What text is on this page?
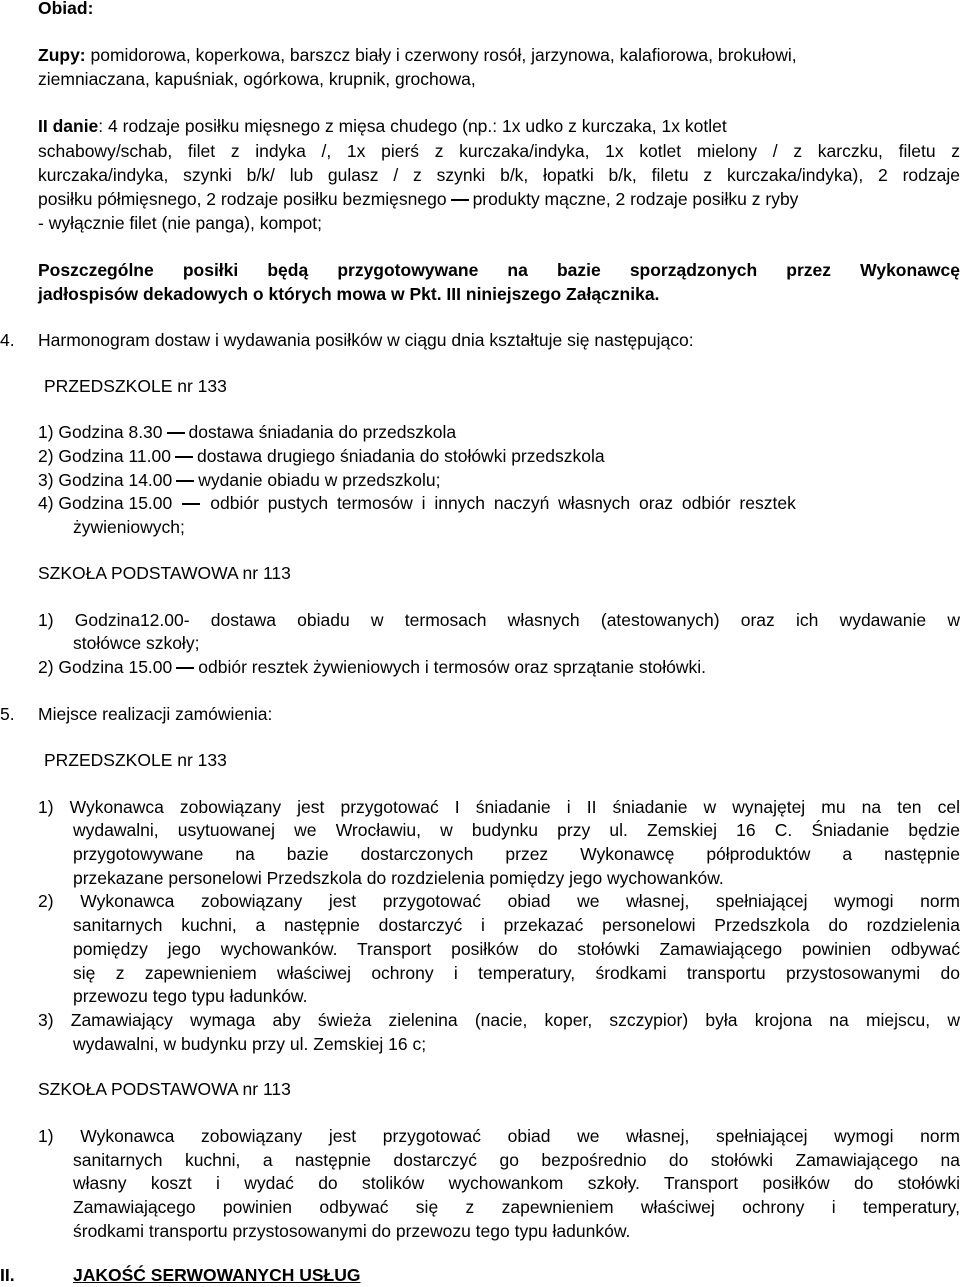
Obiad:
Zupy: pomidorowa, koperkowa, barszcz biały i czerwony rosół, jarzynowa, kalafiorowa, brokułowi,
ziemniaczana, kapuśniak, ogórkowa, krupnik, grochowa,
II danie: 4 rodzaje posiłku mięsnego z mięsa chudego (np.: 1x udko z kurczaka, 1x kotlet
schabowy/schab, filet z indyka /, 1x pierś z kurczaka/indyka, 1x kotlet mielony / z karczku, filetu z
kurczaka/indyka, szynki b/k/ lub gulasz / z szynki b/k, łopatki b/k, filetu z kurczaka/indyka), 2 rodzaje
posiłku półmięsnego, 2 rodzaje posiłku bezmięsnego produkty mączne, 2 rodzaje posiłku z ryby
- wyłącznie filet (nie panga), kompot;
Poszczególne posiłki będą przygotowywane na bazie sporządzonych przez Wykonawcę
jadłospisów dekadowych o których mowa w Pkt. III niniejszego Załącznika.
4. Harmonogram dostaw i wydawania posiłków w ciągu dnia kształtuje się następująco:
PRZEDSZKOLE nr 133
1) Godzina 8.30 dostawa śniadania do przedszkola
2) Godzina 11.00 dostawa drugiego śniadania do stołówki przedszkola
3) Godzina 14.00 wydanie obiadu w przedszkolu;
4) Godzina 15.00 odbiór pustych termosów i innych naczyń własnych oraz odbiór resztek
żywieniowych;
SZKOŁA PODSTAWOWA nr 113
1) Godzina12.00- dostawa obiadu w termosach własnych (atestowanych) oraz ich wydawanie w
stołówce szkoły;
2) Godzina 15.00 odbiór resztek żywieniowych i termosów oraz sprzątanie stołówki.
5. Miejsce realizacji zamówienia:
PRZEDSZKOLE nr 133
1) Wykonawca zobowiązany jest przygotować I śniadanie i II śniadanie w wynajętej mu na ten cel
wydawalni, usytuowanej we Wrocławiu, w budynku przy ul. Zemskiej 16 C. Śniadanie będzie
przygotowywane na bazie dostarczonych przez Wykonawcę półproduktów a następnie
przekazane personelowi Przedszkola do rozdzielenia pomiędzy jego wychowanków.
2) Wykonawca zobowiązany jest przygotować obiad we własnej, spełniającej wymogi norm
sanitarnych kuchni, a następnie dostarczyć i przekazać personelowi Przedszkola do rozdzielenia
pomiędzy jego wychowanków. Transport posiłków do stołówki Zamawiającego powinien odbywać
się z zapewnieniem właściwej ochrony i temperatury, środkami transportu przystosowanymi do
przewozu tego typu ładunków.
3) Zamawiający wymaga aby świeża zielenina (nacie, koper, szczypior) była krojona na miejscu, w
wydawalni, w budynku przy ul. Zemskiej 16 c;
SZKOŁA PODSTAWOWA nr 113
1) Wykonawca zobowiązany jest przygotować obiad we własnej, spełniającej wymogi norm
sanitarnych kuchni, a następnie dostarczyć go bezpośrednio do stołówki Zamawiającego na
własny koszt i wydać do stolików wychowankom szkoły. Transport posiłków do stołówki
Zamawiającego powinien odbywać się z zapewnieniem właściwej ochrony i temperatury,
środkami transportu przystosowanymi do przewozu tego typu ładunków.
II.	JAKOŚĆ SERWOWANYCH USŁUG
